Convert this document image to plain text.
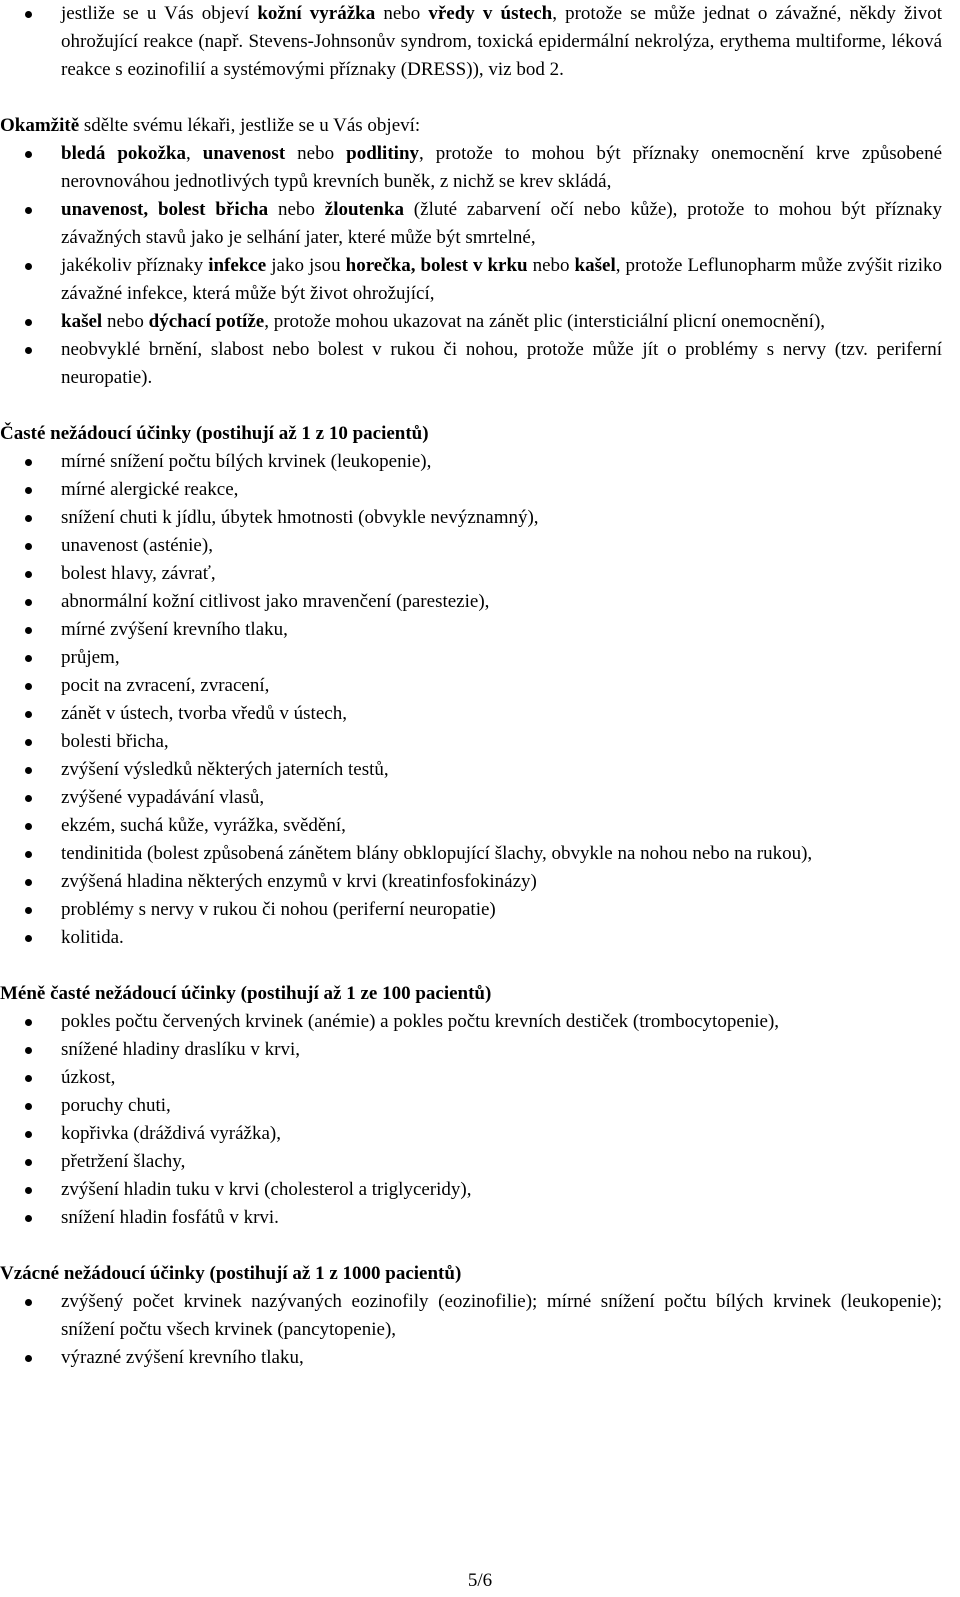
jestliže se u Vás objeví kožní vyrážka nebo vředy v ústech, protože se může jednat o závažné, někdy život ohrožující reakce (např. Stevens-Johnsonův syndrom, toxická epidermální nekrolýza, erythema multiforme, léková reakce s eozinofilií a systémovými příznaky (DRESS)), viz bod 2.
Okamžitě sdělte svému lékaři, jestliže se u Vás objeví:
bledá pokožka, unavenost nebo podlitiny, protože to mohou být příznaky onemocnění krve způsobené nerovnováhou jednotlivých typů krevních buněk, z nichž se krev skládá,
unavenost, bolest břicha nebo žloutenka (žluté zabarvení očí nebo kůže), protože to mohou být příznaky závažných stavů jako je selhání jater, které může být smrtelné,
jakékoliv příznaky infekce jako jsou horečka, bolest v krku nebo kašel, protože Leflunopharm může zvýšit riziko závažné infekce, která může být život ohrožující,
kašel nebo dýchací potíže, protože mohou ukazovat na zánět plic (intersticiální plicní onemocnění),
neobvyklé brnění, slabost nebo bolest v rukou či nohou, protože může jít o problémy s nervy (tzv. periferní neuropatie).
Časté nežádoucí účinky (postihují až 1 z 10 pacientů)
mírné snížení počtu bílých krvinek (leukopenie),
mírné alergické reakce,
snížení chuti k jídlu, úbytek hmotnosti (obvykle nevýznamný),
unavenost (asténie),
bolest hlavy, závrať,
abnormální kožní citlivost jako mravenčení (parestezie),
mírné zvýšení krevního tlaku,
průjem,
pocit na zvracení, zvracení,
zánět v ústech, tvorba vředů v ústech,
bolesti břicha,
zvýšení výsledků některých jaterních testů,
zvýšené vypadávání vlasů,
ekzém, suchá kůže, vyrážka, svědění,
tendinitida (bolest způsobená zánětem blány obklopující šlachy, obvykle na nohou nebo na rukou),
zvýšená hladina některých enzymů v krvi (kreatinfosfokinázy)
problémy s nervy v rukou či nohou (periferní neuropatie)
kolitida.
Méně časté nežádoucí účinky (postihují až 1 ze 100 pacientů)
pokles počtu červených krvinek (anémie) a pokles počtu krevních destiček (trombocytopenie),
snížené hladiny draslíku v krvi,
úzkost,
poruchy chuti,
kopřivka (dráždivá vyrážka),
přetržení šlachy,
zvýšení hladin tuku v krvi (cholesterol a triglyceridy),
snížení hladin fosfátů v krvi.
Vzácné nežádoucí účinky (postihují až 1 z 1000 pacientů)
zvýšený počet krvinek nazývaných eozinofily (eozinofilie); mírné snížení počtu bílých krvinek (leukopenie); snížení počtu všech krvinek (pancytopenie),
výrazné zvýšení krevního tlaku,
5/6
